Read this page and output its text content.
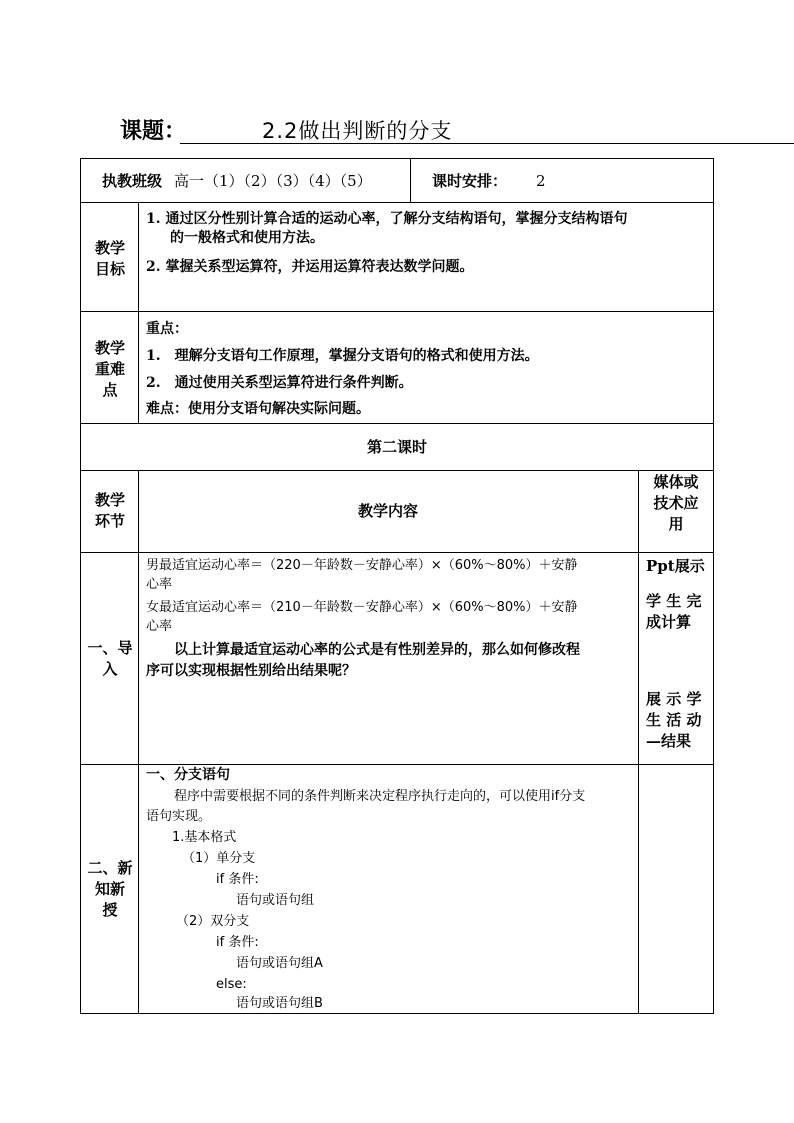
课题：	2.2做出判断的分支
执教班级 高一（1）（2）（3）（4）（5）	课时安排： 2
教学
目标
1. 通过区分性别计算合适的运动心率，了解分支结构语句，掌握分支结构语句
的一般格式和使用方法。
2. 掌握关系型运算符，并运用运算符表达数学问题。
教学
重难
点
重点：
1.　理解分支语句工作原理，掌握分支语句的格式和使用方法。
2.　通过使用关系型运算符进行条件判断。
难点：使用分支语句解决实际问题。
第二课时
教学
环节
教学内容
媒体或
技术应
用
一、导
入
男最适宜运动心率＝（220－年龄数－安静心率）×（60%～80%）＋安静
心率
女最适宜运动心率＝（210－年龄数－安静心率）×（60%～80%）＋安静
心率
以上计算最适宜运动心率的公式是有性别差异的，那么如何修改程
序可以实现根据性别给出结果呢？
Ppt展示
学 生 完
成计算
展 示 学
生 活 动
—结果
二、新
知新
授
一、分支语句
程序中需要根据不同的条件判断来决定程序执行走向的，可以使用if分支
语句实现。
1.基本格式
（1）单分支
if 条件:
语句或语句组
（2）双分支
if 条件:
语句或语句组A
else:
语句或语句组B
